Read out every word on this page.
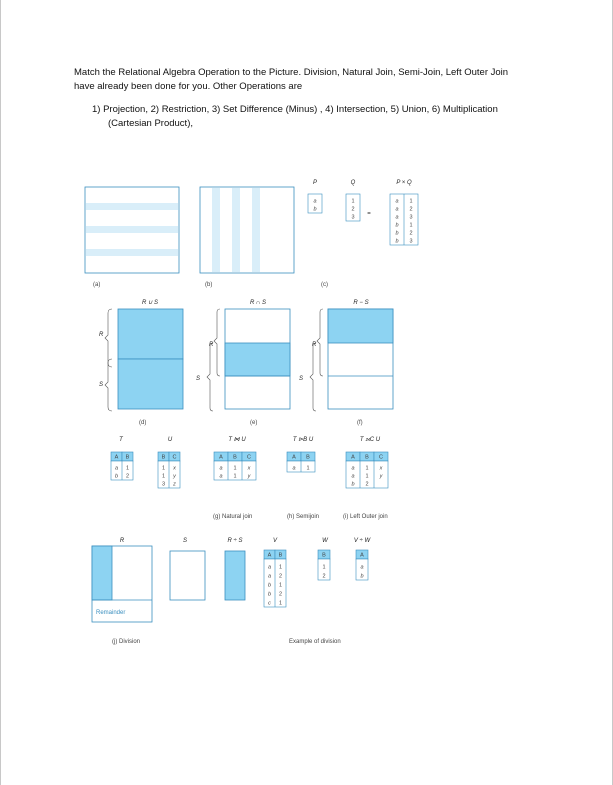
Match the Relational Algebra Operation to the Picture. Division, Natural Join, Semi-Join, Left Outer Join
have already been done for you. Other Operations are
1) Projection, 2) Restriction, 3) Set Difference (Minus) , 4) Intersection, 5) Union, 6) Multiplication
(Cartesian Product),
(a)	(b)
P	Q	P × Q
a
b
1
2
3
a 1
a 2
a 3
b 1
b 2
b 3
=
(c)
R ∪ S
R
S
(d)
R ∩ S
R
S
(e)
R − S
R
S
(f)
T	U	T ⋈ U	T ⊳B U	T ⟕C U
A B
a 1
b 2
B C
1 x
1 y
3 z
A B C
a 1 x
a 1 y
A B
a 1
A B C
a 1 x
a 1 y
b 2
(g) Natural join	(h) Semijoin	(i) Left Outer join
R	S	R ÷ S
Remainder
(j) Division
V	W	V ÷ W
A B
a 1
a 2
b 1
b 2
c 1
B
1
2
A
a
b
Example of division
